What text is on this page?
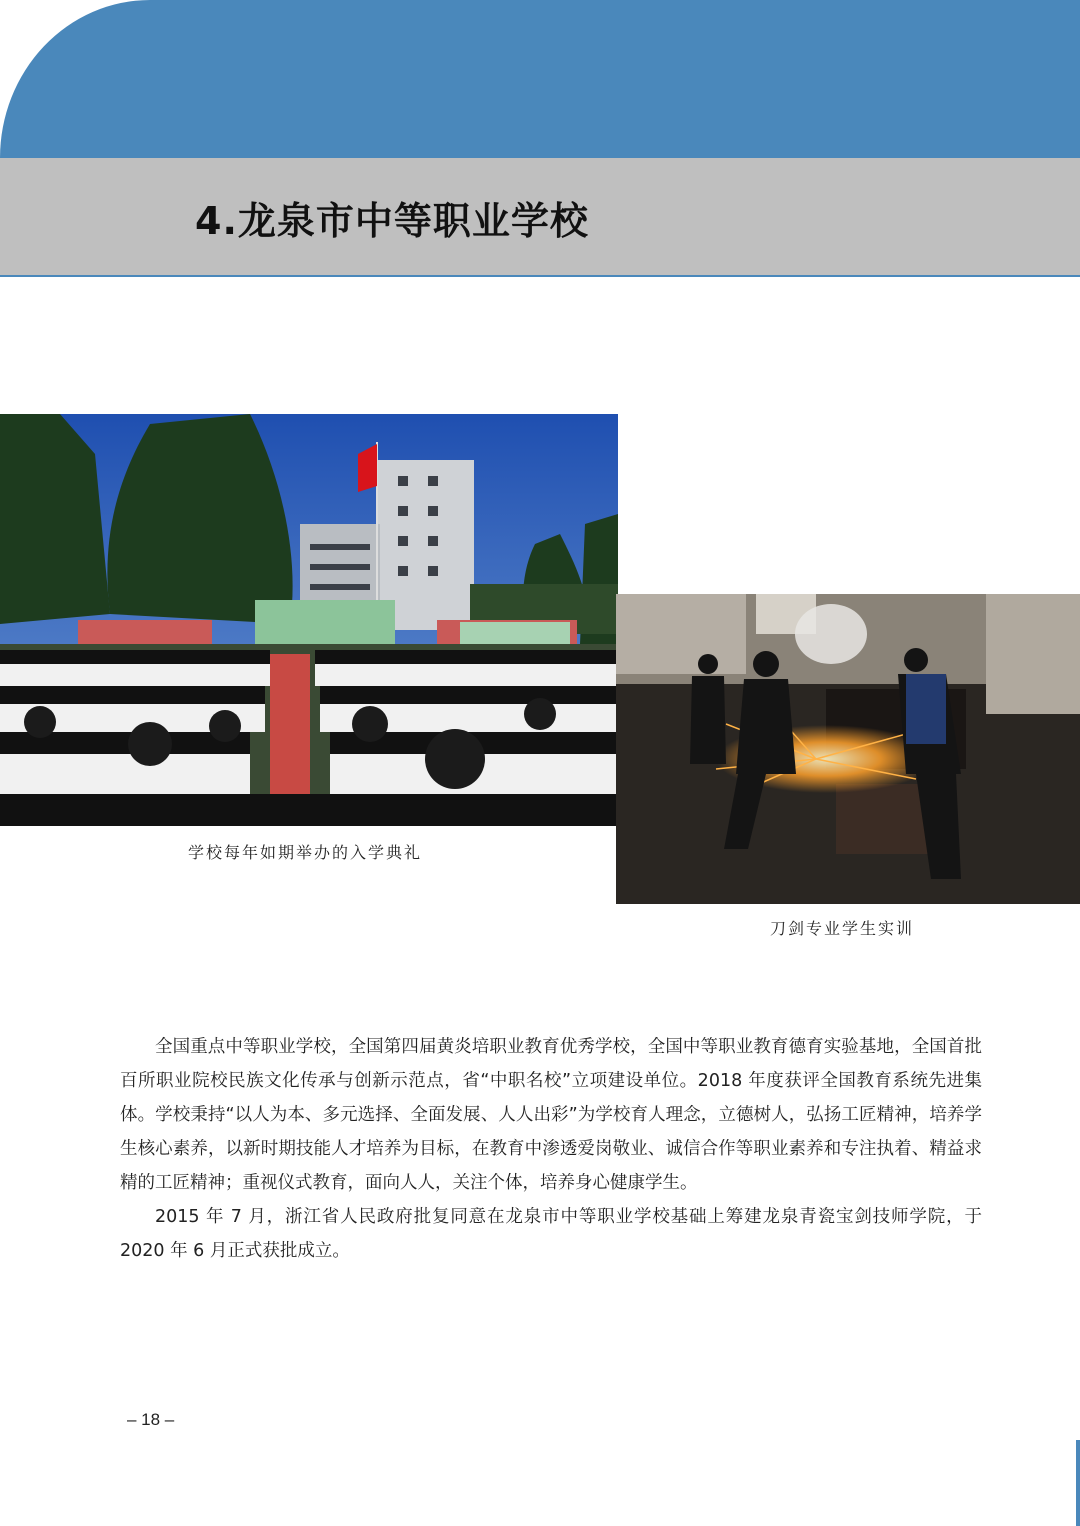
4.龙泉市中等职业学校
学校每年如期举办的入学典礼
刀剑专业学生实训

全国重点中等职业学校，全国第四届黄炎培职业教育优秀学校，全国中等职业教育德育实验基地，全国首批百所职业院校民族文化传承与创新示范点，省“中职名校”立项建设单位。2018 年度获评全国教育系统先进集体。学校秉持“以人为本、多元选择、全面发展、人人出彩”为学校育人理念，立德树人，弘扬工匠精神，培养学生核心素养，以新时期技能人才培养为目标，在教育中渗透爱岗敬业、诚信合作等职业素养和专注执着、精益求精的工匠精神；重视仪式教育，面向人人，关注个体，培养身心健康学生。

2015 年 7 月，浙江省人民政府批复同意在龙泉市中等职业学校基础上筹建龙泉青瓷宝剑技师学院，于 2020 年 6 月正式获批成立。

– 18 –
